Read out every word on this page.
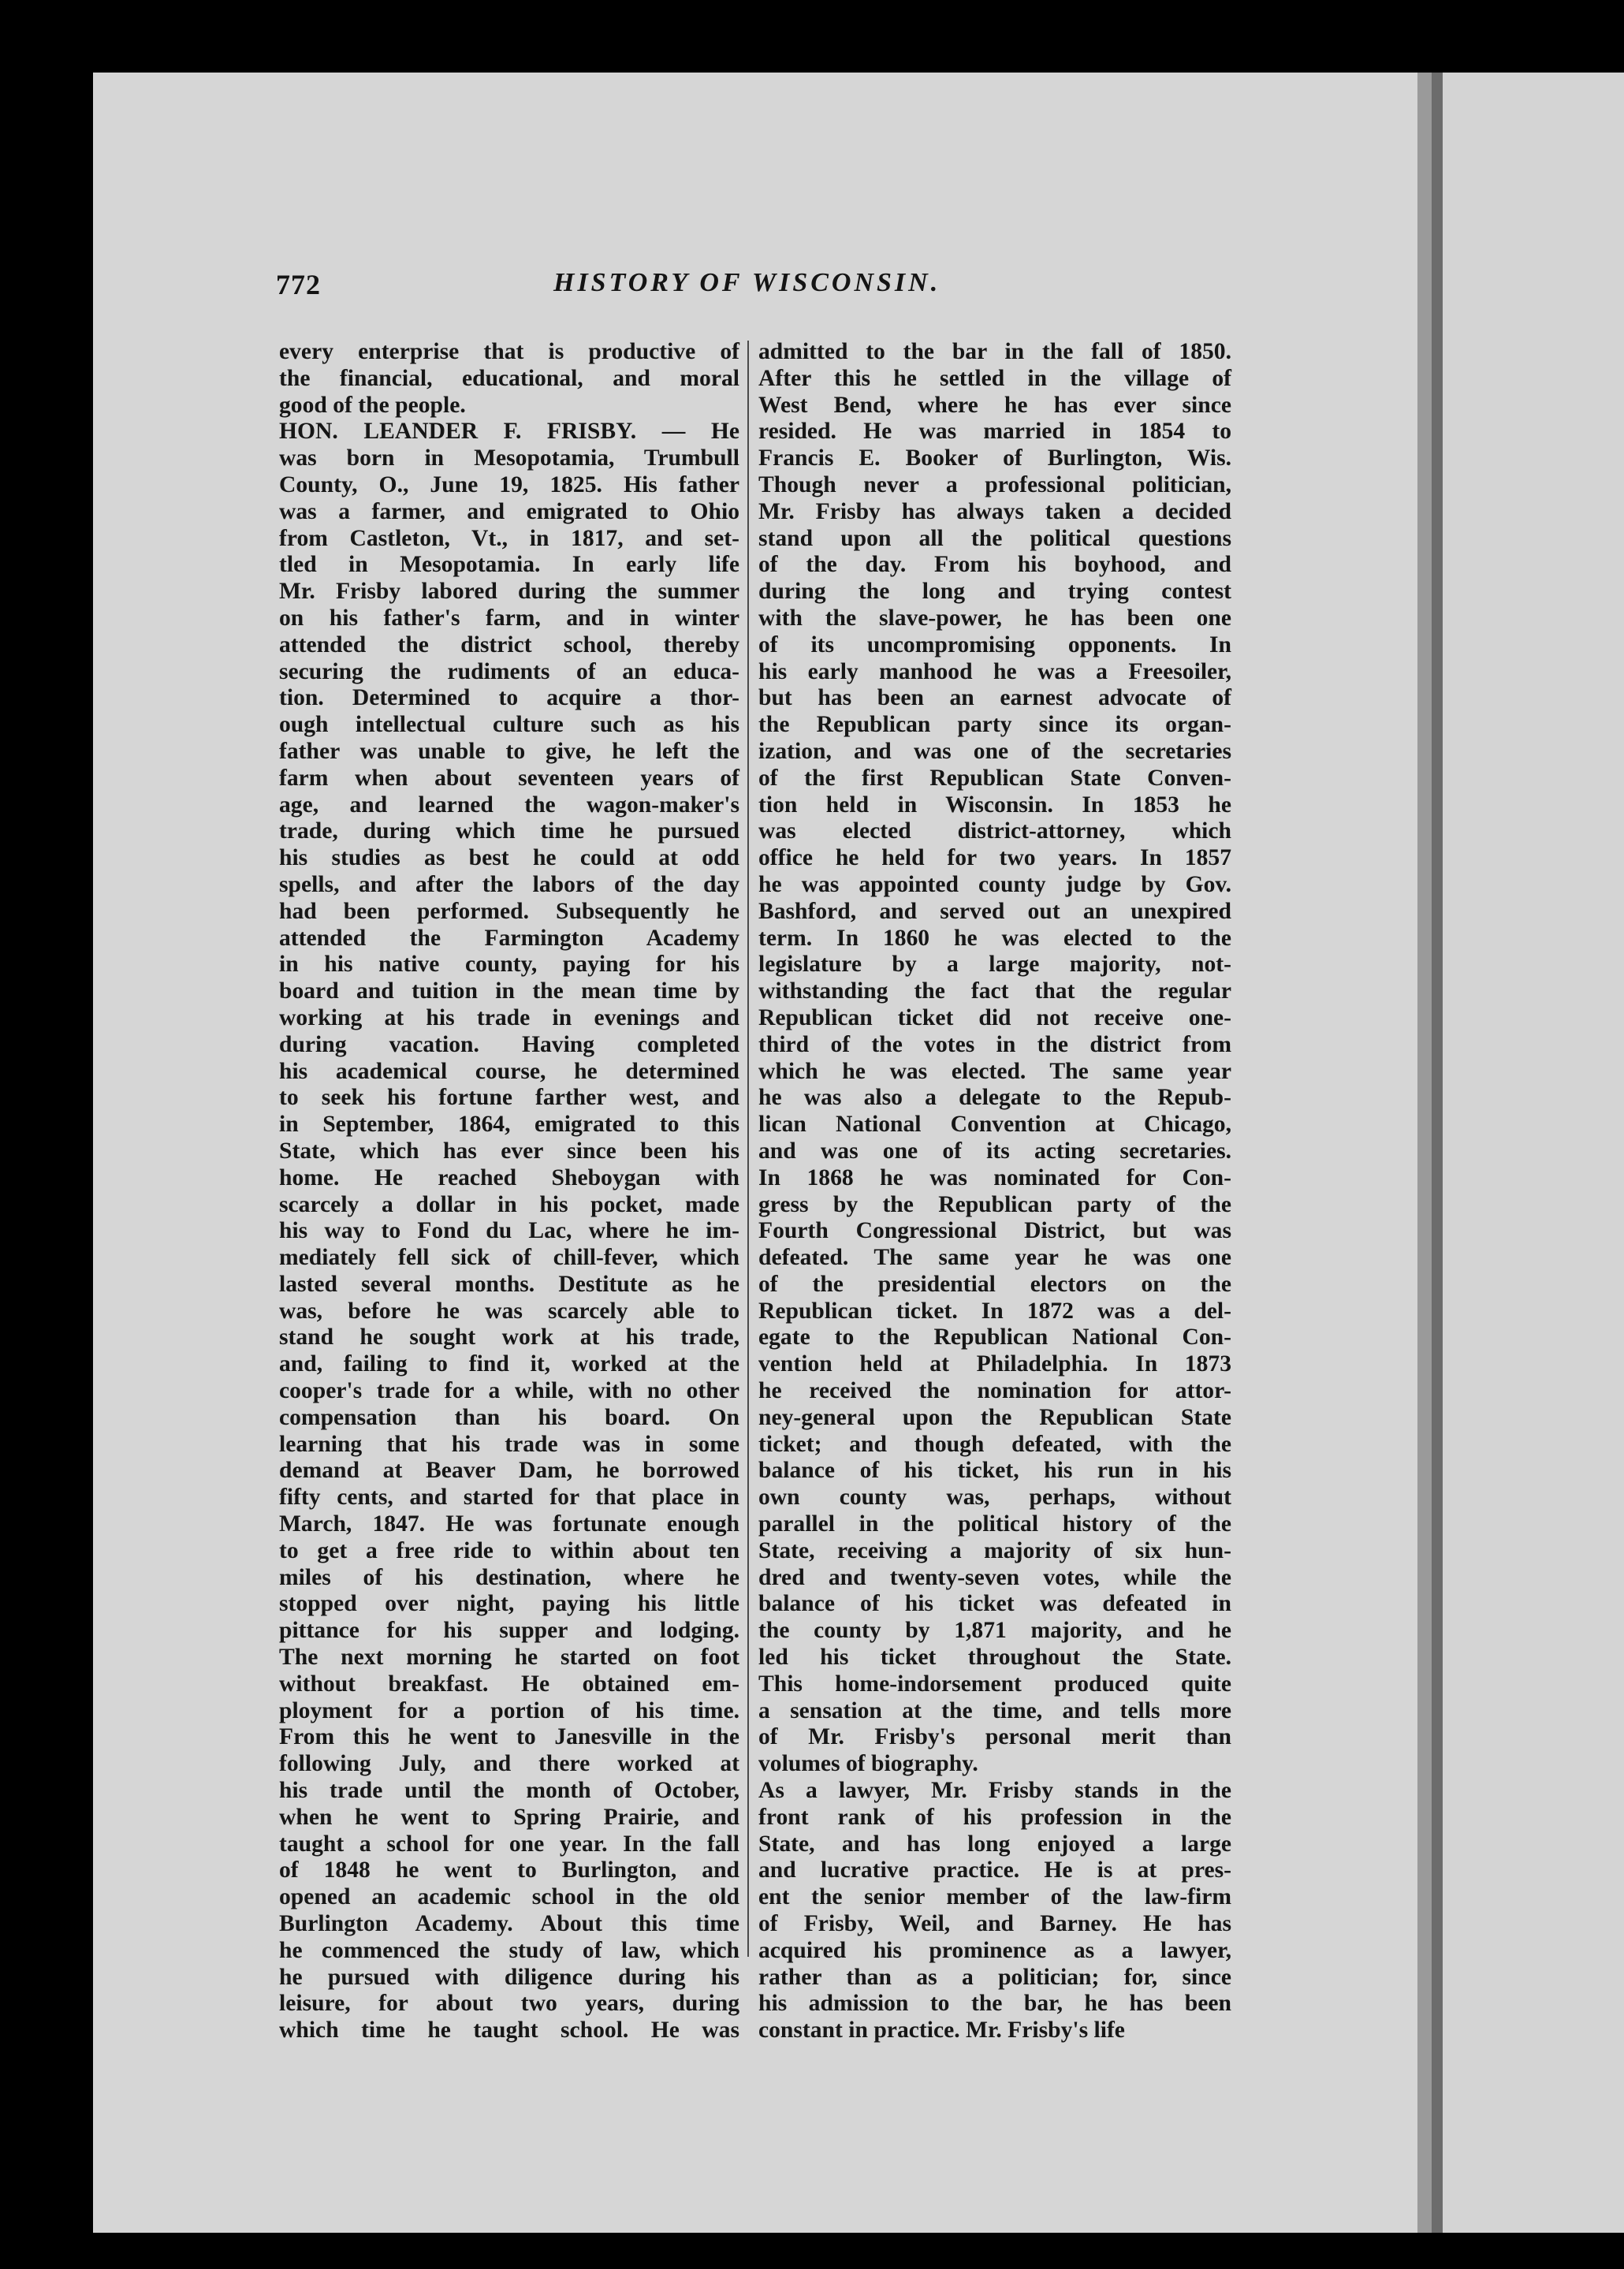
772	HISTORY OF WISCONSIN.
every enterprise that is productive of
the financial, educational, and moral
good of the people.
HON. LEANDER F. FRISBY. — He
was born in Mesopotamia, Trumbull
County, O., June 19, 1825. His father
was a farmer, and emigrated to Ohio
from Castleton, Vt., in 1817, and set-
tled in Mesopotamia. In early life
Mr. Frisby labored during the summer
on his father's farm, and in winter
attended the district school, thereby
securing the rudiments of an educa-
tion. Determined to acquire a thor-
ough intellectual culture such as his
father was unable to give, he left the
farm when about seventeen years of
age, and learned the wagon-maker's
trade, during which time he pursued
his studies as best he could at odd
spells, and after the labors of the day
had been performed. Subsequently he
attended the Farmington Academy
in his native county, paying for his
board and tuition in the mean time by
working at his trade in evenings and
during vacation. Having completed
his academical course, he determined
to seek his fortune farther west, and
in September, 1864, emigrated to this
State, which has ever since been his
home. He reached Sheboygan with
scarcely a dollar in his pocket, made
his way to Fond du Lac, where he im-
mediately fell sick of chill-fever, which
lasted several months. Destitute as he
was, before he was scarcely able to
stand he sought work at his trade,
and, failing to find it, worked at the
cooper's trade for a while, with no other
compensation than his board. On
learning that his trade was in some
demand at Beaver Dam, he borrowed
fifty cents, and started for that place in
March, 1847. He was fortunate enough
to get a free ride to within about ten
miles of his destination, where he
stopped over night, paying his little
pittance for his supper and lodging.
The next morning he started on foot
without breakfast. He obtained em-
ployment for a portion of his time.
From this he went to Janesville in the
following July, and there worked at
his trade until the month of October,
when he went to Spring Prairie, and
taught a school for one year. In the fall
of 1848 he went to Burlington, and
opened an academic school in the old
Burlington Academy. About this time
he commenced the study of law, which
he pursued with diligence during his
leisure, for about two years, during
which time he taught school. He was
admitted to the bar in the fall of 1850.
After this he settled in the village of
West Bend, where he has ever since
resided. He was married in 1854 to
Francis E. Booker of Burlington, Wis.
Though never a professional politician,
Mr. Frisby has always taken a decided
stand upon all the political questions
of the day. From his boyhood, and
during the long and trying contest
with the slave-power, he has been one
of its uncompromising opponents. In
his early manhood he was a Freesoiler,
but has been an earnest advocate of
the Republican party since its organ-
ization, and was one of the secretaries
of the first Republican State Conven-
tion held in Wisconsin. In 1853 he
was elected district-attorney, which
office he held for two years. In 1857
he was appointed county judge by Gov.
Bashford, and served out an unexpired
term. In 1860 he was elected to the
legislature by a large majority, not-
withstanding the fact that the regular
Republican ticket did not receive one-
third of the votes in the district from
which he was elected. The same year
he was also a delegate to the Repub-
lican National Convention at Chicago,
and was one of its acting secretaries.
In 1868 he was nominated for Con-
gress by the Republican party of the
Fourth Congressional District, but was
defeated. The same year he was one
of the presidential electors on the
Republican ticket. In 1872 was a del-
egate to the Republican National Con-
vention held at Philadelphia. In 1873
he received the nomination for attor-
ney-general upon the Republican State
ticket; and though defeated, with the
balance of his ticket, his run in his
own county was, perhaps, without
parallel in the political history of the
State, receiving a majority of six hun-
dred and twenty-seven votes, while the
balance of his ticket was defeated in
the county by 1,871 majority, and he
led his ticket throughout the State.
This home-indorsement produced quite
a sensation at the time, and tells more
of Mr. Frisby's personal merit than
volumes of biography.
As a lawyer, Mr. Frisby stands in the
front rank of his profession in the
State, and has long enjoyed a large
and lucrative practice. He is at pres-
ent the senior member of the law-firm
of Frisby, Weil, and Barney. He has
acquired his prominence as a lawyer,
rather than as a politician; for, since
his admission to the bar, he has been
constant in practice. Mr. Frisby's life
